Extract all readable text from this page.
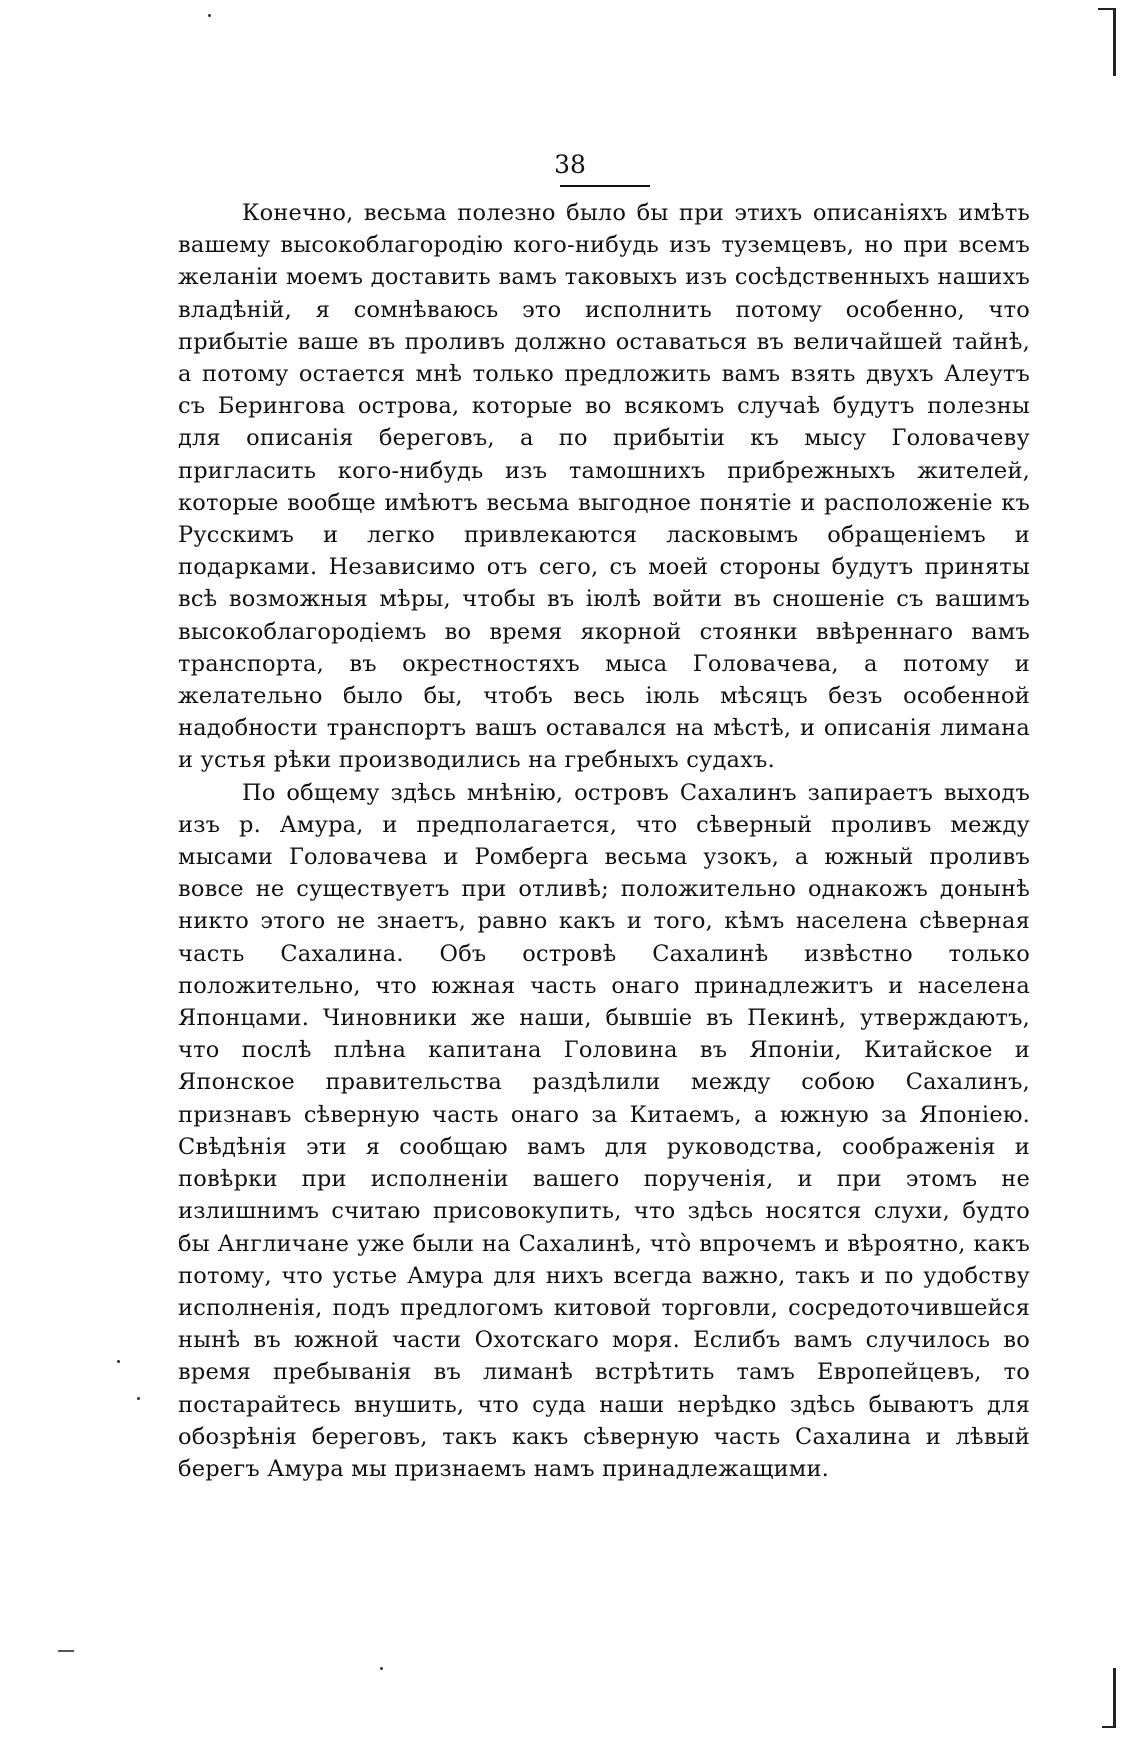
38

Конечно, весьма полезно было бы при этихъ описаніяхъ имѣть вашему высокоблагородію кого-нибудь изъ туземцевъ, но при всемъ желаніи моемъ доставить вамъ таковыхъ изъ сосѣдственныхъ нашихъ владѣній, я сомнѣваюсь это исполнить потому особенно, что прибытіе ваше въ проливъ должно оставаться въ величайшей тайнѣ, а потому остается мнѣ только предложить вамъ взять двухъ Алеутъ съ Берингова острова, которые во всякомъ случаѣ будутъ полезны для описанія береговъ, а по прибытіи къ мысу Головачеву пригласить кого-нибудь изъ тамошнихъ прибрежныхъ жителей, которые вообще имѣютъ весьма выгодное понятіе и расположеніе къ Русскимъ и легко привлекаются ласковымъ обращеніемъ и подарками. Независимо отъ сего, съ моей стороны будутъ приняты всѣ возможныя мѣры, чтобы въ іюлѣ войти въ сношеніе съ вашимъ высокоблагородіемъ во время якорной стоянки ввѣреннаго вамъ транспорта, въ окрестностяхъ мыса Головачева, а потому и желательно было бы, чтобъ весь іюль мѣсяцъ безъ особенной надобности транспортъ вашъ оставался на мѣстѣ, и описанія лимана и устья рѣки производились на гребныхъ судахъ.

По общему здѣсь мнѣнію, островъ Сахалинъ запираетъ выходъ изъ р. Амура, и предполагается, что сѣверный проливъ между мысами Головачева и Ромберга весьма узокъ, а южный проливъ вовсе не существуетъ при отливѣ; положительно однакожъ донынѣ никто этого не знаетъ, равно какъ и того, кѣмъ населена сѣверная часть Сахалина. Объ островѣ Сахалинѣ извѣстно только положительно, что южная часть онаго принадлежитъ и населена Японцами. Чиновники же наши, бывшіе въ Пекинѣ, утверждаютъ, что послѣ плѣна капитана Головина въ Японіи, Китайское и Японское правительства раздѣлили между собою Сахалинъ, признавъ сѣверную часть онаго за Китаемъ, а южную за Японіею. Свѣдѣнія эти я сообщаю вамъ для руководства, соображенія и повѣрки при исполненіи вашего порученія, и при этомъ не излишнимъ считаю присовокупить, что здѣсь носятся слухи, будто бы Англичане уже были на Сахалинѣ, что̀ впрочемъ и вѣроятно, какъ потому, что устье Амура для нихъ всегда важно, такъ и по удобству исполненія, подъ предлогомъ китовой торговли, сосредоточившейся нынѣ въ южной части Охотскаго моря. Еслибъ вамъ случилось во время пребыванія въ лиманѣ встрѣтить тамъ Европейцевъ, то постарайтесь внушить, что суда наши нерѣдко здѣсь бываютъ для обозрѣнія береговъ, такъ какъ сѣверную часть Сахалина и лѣвый берегъ Амура мы признаемъ намъ принадлежащими.
